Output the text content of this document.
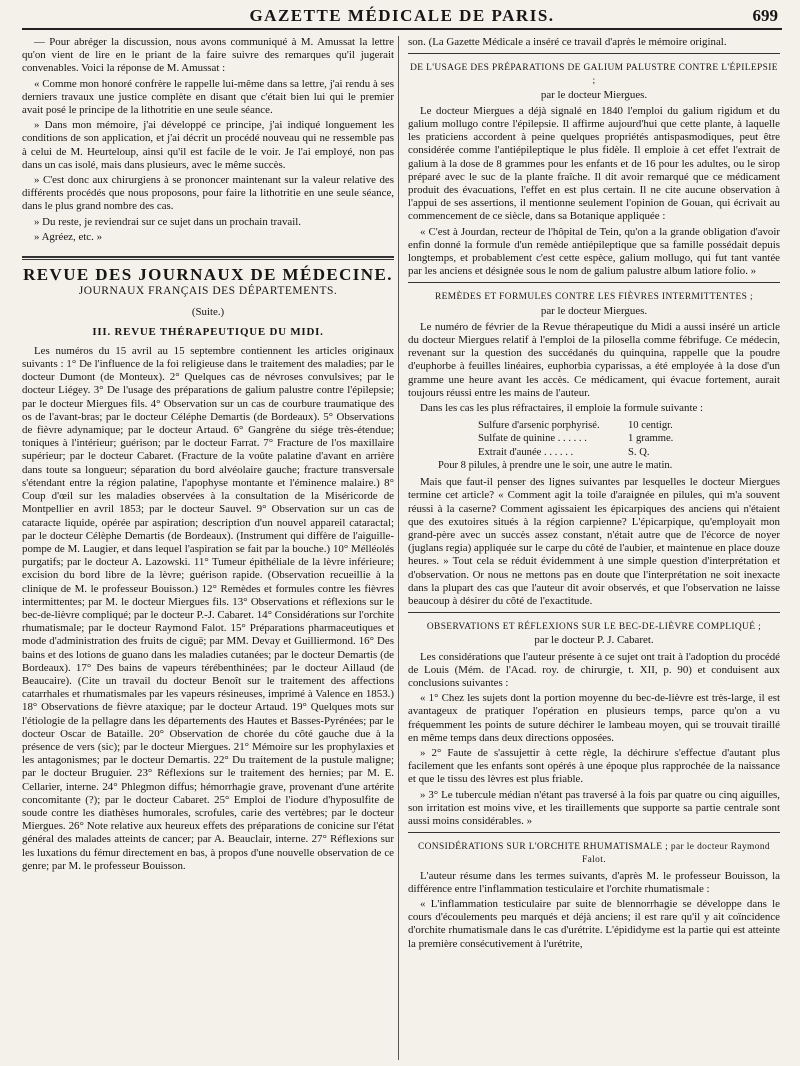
GAZETTE MÉDICALE DE PARIS.	699

— Pour abréger la discussion, nous avons communiqué à M. Amussat la lettre qu'on vient de lire en le priant de la faire suivre des remarques qu'il jugerait convenables. Voici la réponse de M. Amussat :

« Comme mon honoré confrère le rappelle lui-même dans sa lettre, j'ai rendu à ses derniers travaux une justice complète en disant que c'était bien lui qui le premier avait posé le principe de la lithotritie en une seule séance.

» Dans mon mémoire, j'ai développé ce principe, j'ai indiqué longuement les conditions de son application, et j'ai décrit un procédé nouveau qui ne ressemble pas à celui de M. Heurteloup, ainsi qu'il est facile de le voir. Je l'ai employé, non pas dans un cas isolé, mais dans plusieurs, avec le même succès.

» C'est donc aux chirurgiens à se prononcer maintenant sur la valeur relative des différents procédés que nous proposons, pour faire la lithotritie en une seule séance, dans le plus grand nombre des cas.

» Du reste, je reviendrai sur ce sujet dans un prochain travail.

» Agréez, etc. »

REVUE DES JOURNAUX DE MÉDECINE.

JOURNAUX FRANÇAIS DES DÉPARTEMENTS.

(Suite.)

III. REVUE THÉRAPEUTIQUE DU MIDI.

Les numéros du 15 avril au 15 septembre contiennent les articles originaux suivants : 1° De l'influence de la foi religieuse dans le traitement des maladies; par le docteur Dumont (de Monteux). 2° Quelques cas de névroses convulsives; par le docteur Liégey. 3° De l'usage des préparations de galium palustre contre l'épilepsie; par le docteur Miergues fils. 4° Observation sur un cas de courbure traumatique des os de l'avant-bras; par le docteur Céléphe Demartis (de Bordeaux). 5° Observations de fièvre adynamique; par le docteur Artaud. 6° Gangrène du siége très-étendue; toniques à l'intérieur; guérison; par le docteur Farrat. 7° Fracture de l'os maxillaire supérieur; par le docteur Cabaret. (Fracture de la voûte palatine d'avant en arrière dans toute sa longueur; séparation du bord alvéolaire gauche; fracture transversale s'étendant entre la région palatine, l'apophyse montante et l'éminence malaire.) 8° Coup d'œil sur les maladies observées à la consultation de la Miséricorde de Montpellier en avril 1853; par le docteur Sauvel. 9° Observation sur un cas de cataracte liquide, opérée par aspiration; description d'un nouvel appareil cataractal; par le docteur Célèphe Demartis (de Bordeaux). (Instrument qui diffère de l'aiguille-pompe de M. Laugier, et dans lequel l'aspiration se fait par la bouche.) 10° Mélléolés purgatifs; par le docteur A. Lazowski. 11° Tumeur épithéliale de la lèvre inférieure; excision du bord libre de la lèvre; guérison rapide. (Observation recueillie à la clinique de M. le professeur Bouisson.) 12° Remèdes et formules contre les fièvres intermittentes; par M. le docteur Miergues fils. 13° Observations et réflexions sur le bec-de-lièvre compliqué; par le docteur P.-J. Cabaret. 14° Considérations sur l'orchite rhumatismale; par le docteur Raymond Falot. 15° Préparations pharmaceutiques et mode d'administration des fruits de ciguë; par MM. Devay et Guilliermond. 16° Des bains et des lotions de guano dans les maladies cutanées; par le docteur Demartis (de Bordeaux). 17° Des bains de vapeurs térébenthinées; par le docteur Aillaud (de Beaucaire). (Cite un travail du docteur Benoît sur le traitement des affections catarrhales et rhumatismales par les vapeurs résineuses, imprimé à Valence en 1853.) 18° Observations de fièvre ataxique; par le docteur Artaud. 19° Quelques mots sur l'étiologie de la pellagre dans les départements des Hautes et Basses-Pyrénées; par le docteur Oscar de Bataille. 20° Observation de chorée du côté gauche due à la présence de vers (sic); par le docteur Miergues. 21° Mémoire sur les prophylaxies et les antagonismes; par le docteur Demartis. 22° Du traitement de la pustule maligne; par le docteur Bruguier. 23° Réflexions sur le traitement des hernies; par M. E. Cellarier, interne. 24° Phlegmon diffus; hémorrhagie grave, provenant d'une artérite concomitante (?); par le docteur Cabaret. 25° Emploi de l'iodure d'hyposulfite de soude contre les diathèses humorales, scrofules, carie des vertèbres; par le docteur Miergues. 26° Note relative aux heureux effets des préparations de conicine sur l'état général des malades atteints de cancer; par A. Beauclair, interne. 27° Réflexions sur les luxations du fémur directement en bas, à propos d'une nouvelle observation de ce genre; par M. le professeur Bouisson.

son. (La Gazette Médicale a inséré ce travail d'après le mémoire original.

DE L'USAGE DES PRÉPARATIONS DE GALIUM PALUSTRE CONTRE L'ÉPILEPSIE ;
par le docteur Miergues.

Le docteur Miergues a déjà signalé en 1840 l'emploi du galium rigidum et du galium mollugo contre l'épilepsie. Il affirme aujourd'hui que cette plante, à laquelle les praticiens accordent à peine quelques propriétés antispasmodiques, peut être considérée comme l'antiépileptique le plus fidèle. Il emploie à cet effet l'extrait de galium à la dose de 8 grammes pour les enfants et de 16 pour les adultes, ou le sirop préparé avec le suc de la plante fraîche. Il dit avoir remarqué que ce médicament produit des évacuations, l'effet en est plus certain. Il ne cite aucune observation à l'appui de ses assertions, il mentionne seulement l'opinion de Gouan, qui écrivait au commencement de ce siècle, dans sa Botanique appliquée :

« C'est à Jourdan, recteur de l'hôpital de Tein, qu'on a la grande obligation d'avoir enfin donné la formule d'un remède antiépileptique que sa famille possédait depuis longtemps, et probablement c'est cette espèce, galium mollugo, qui fut tant vantée par les anciens et désignée sous le nom de galium palustre album latiore folio. »

REMÈDES ET FORMULES CONTRE LES FIÈVRES INTERMITTENTES ;
par le docteur Miergues.

Le numéro de février de la Revue thérapeutique du Midi a aussi inséré un article du docteur Miergues relatif à l'emploi de la pilosella comme fébrifuge. Ce médecin, revenant sur la question des succédanés du quinquina, rappelle que la poudre d'euphorbe à feuilles linéaires, euphorbia cyparissas, a été employée à la dose d'un gramme une heure avant les accès. Ce médicament, qui évacue fortement, aurait toujours réussi entre les mains de l'auteur.

Dans les cas les plus réfractaires, il emploie la formule suivante :

Sulfure d'arsenic porphyrisé.	10 centigr.
Sulfate de quinine . . . . . .	1 gramme.
Extrait d'aunée . . . . . .	S. Q.
Pour 8 pilules, à prendre une le soir, une autre le matin.

Mais que faut-il penser des lignes suivantes par lesquelles le docteur Miergues termine cet article? « Comment agit la toile d'araignée en pilules, qui m'a souvent réussi à la caserne? Comment agissaient les épicarpiques des anciens qui n'étaient que des exutoires situés à la région carpienne? L'épicarpique, qu'employait mon grand-père avec un succès assez constant, n'était autre que de l'écorce de noyer (juglans regia) appliquée sur le carpe du côté de l'aubier, et maintenue en place douze heures. » Tout cela se réduit évidemment à une simple question d'interprétation et d'observation. Or nous ne mettons pas en doute que l'interprétation ne soit inexacte dans la plupart des cas que l'auteur dit avoir observés, et que l'observation ne laisse beaucoup à désirer du côté de l'exactitude.

OBSERVATIONS ET RÉFLEXIONS SUR LE BEC-DE-LIÈVRE COMPLIQUÉ ;
par le docteur P. J. Cabaret.

Les considérations que l'auteur présente à ce sujet ont trait à l'adoption du procédé de Louis (Mém. de l'Acad. roy. de chirurgie, t. XII, p. 90) et conduisent aux conclusions suivantes :

« 1° Chez les sujets dont la portion moyenne du bec-de-lièvre est très-large, il est avantageux de pratiquer l'opération en plusieurs temps, parce qu'on a vu fréquemment les points de suture déchirer le lambeau moyen, qui se trouvait tiraillé en même temps dans deux directions opposées.

» 2° Faute de s'assujettir à cette règle, la déchirure s'effectue d'autant plus facilement que les enfants sont opérés à une époque plus rapprochée de la naissance et que le tissu des lèvres est plus friable.

» 3° Le tubercule médian n'étant pas traversé à la fois par quatre ou cinq aiguilles, son irritation est moins vive, et les tiraillements que supporte sa partie centrale sont aussi moins considérables. »

CONSIDÉRATIONS SUR L'ORCHITE RHUMATISMALE ; par le docteur Raymond Falot.

L'auteur résume dans les termes suivants, d'après M. le professeur Bouisson, la différence entre l'inflammation testiculaire et l'orchite rhumatismale :

« L'inflammation testiculaire par suite de blennorrhagie se développe dans le cours d'écoulements peu marqués et déjà anciens; il est rare qu'il y ait coïncidence d'orchite rhumatismale dans le cas d'urétrite. L'épididyme est la partie qui est atteinte la première consécutivement à l'urétrite,
